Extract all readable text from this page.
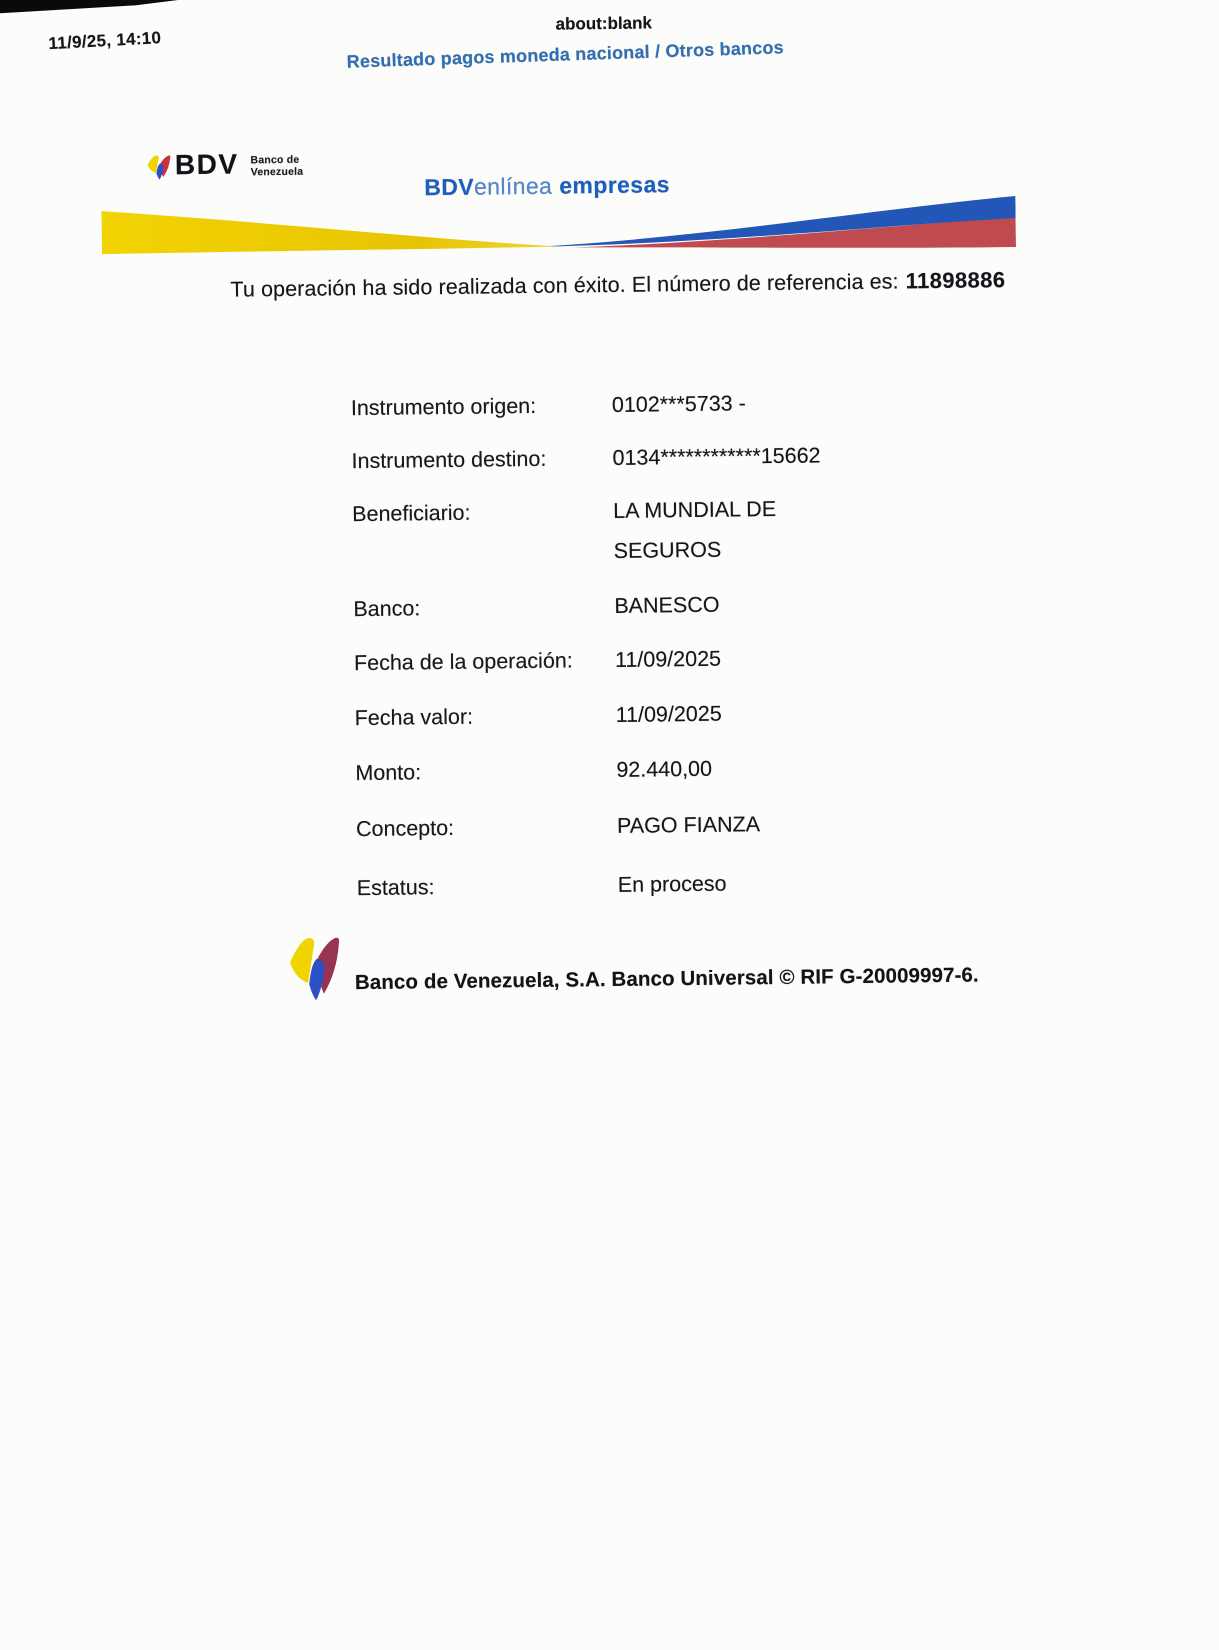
11/9/25, 14:10
about:blank
Resultado pagos moneda nacional / Otros bancos
BDV Banco de
Venezuela
BDVenlínea empresas
Tu operación ha sido realizada con éxito. El número de referencia es: 11898886
Instrumento origen:	0102***5733 -
Instrumento destino:	0134************15662
Beneficiario:	LA MUNDIAL DE SEGUROS
Banco:	BANESCO
Fecha de la operación:	11/09/2025
Fecha valor:	11/09/2025
Monto:	92.440,00
Concepto:	PAGO FIANZA
Estatus:	En proceso
Banco de Venezuela, S.A. Banco Universal © RIF G-20009997-6.
